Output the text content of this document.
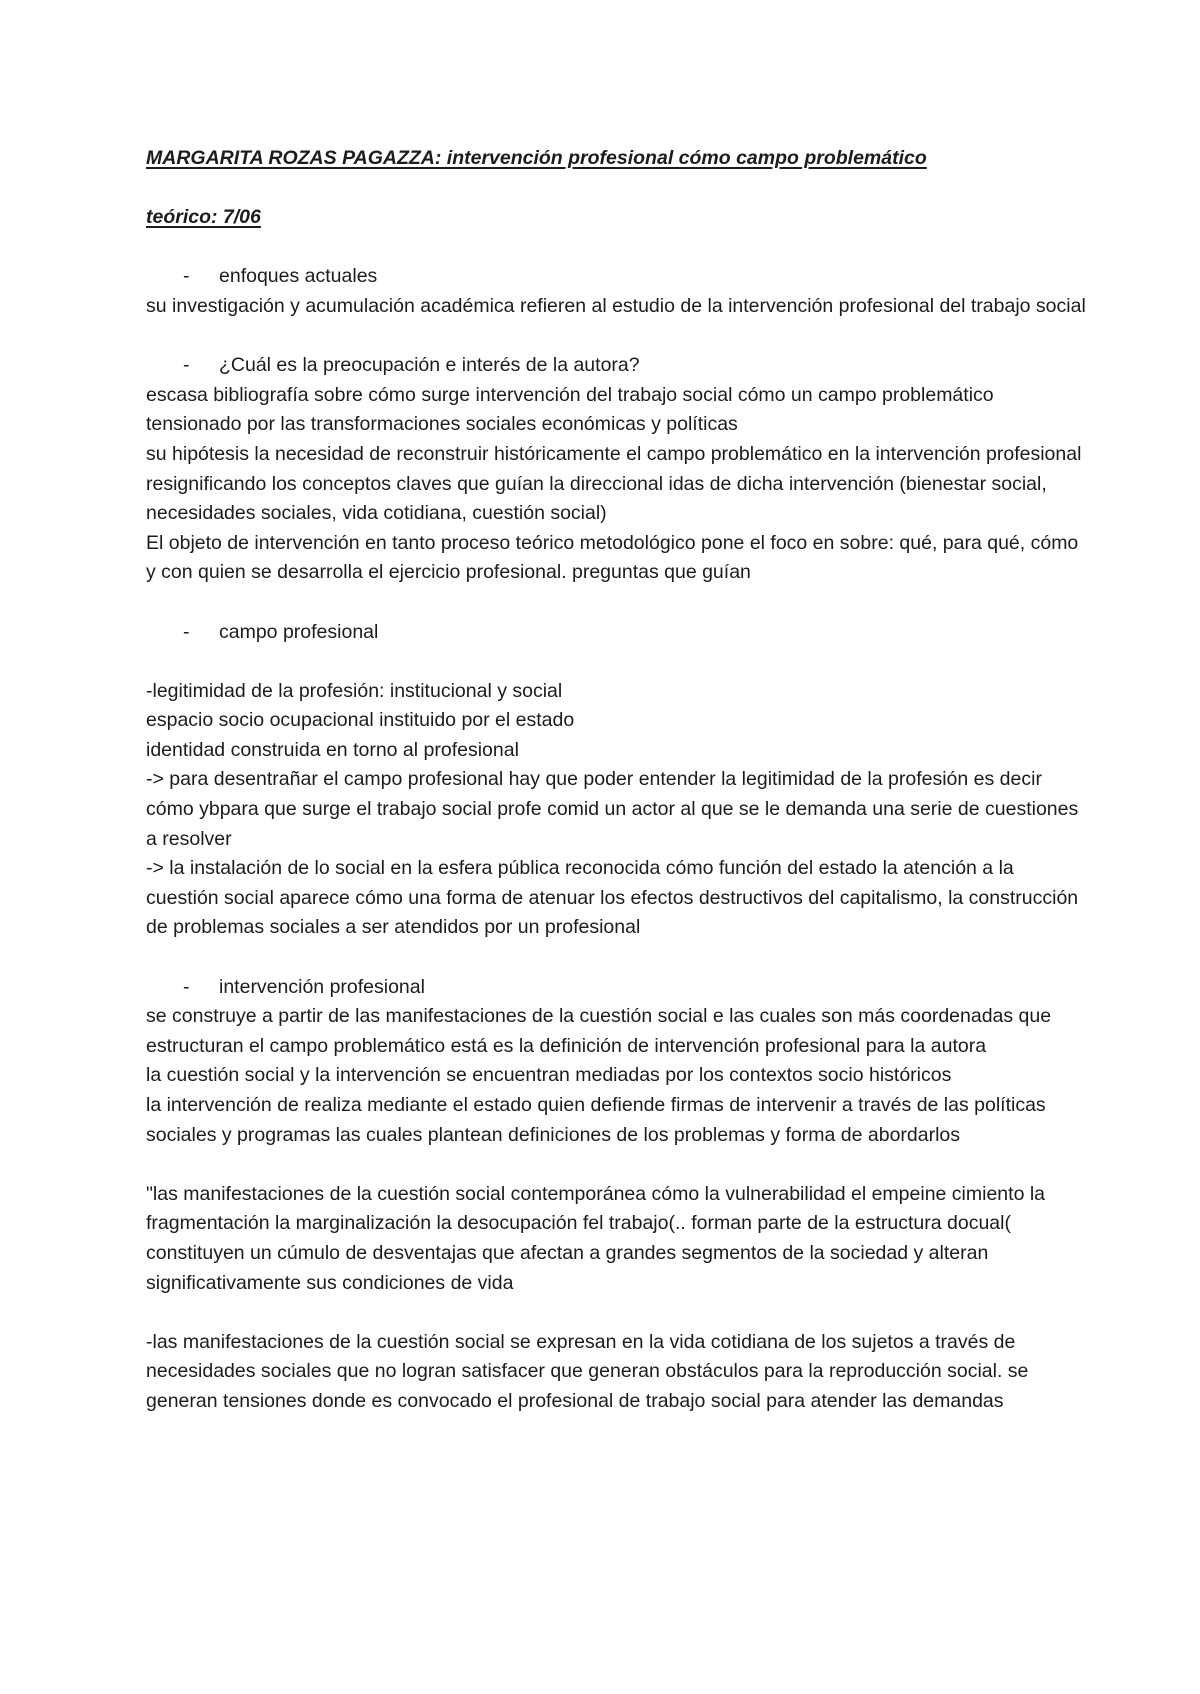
MARGARITA ROZAS PAGAZZA: intervención profesional cómo campo problemático

teórico: 7/06

- enfoques actuales

su investigación y acumulación académica refieren al estudio de la intervención profesional del trabajo social

- ¿Cuál es la preocupación e interés de la autora?

escasa bibliografía sobre cómo surge intervención del trabajo social cómo un campo problemático tensionado por las transformaciones sociales económicas y políticas

su hipótesis la necesidad de reconstruir históricamente el campo problemático en la intervención profesional resignificando los conceptos claves que guían la direccional idas de dicha intervención (bienestar social, necesidades sociales, vida cotidiana, cuestión social)

El objeto de intervención en tanto proceso teórico metodológico pone el foco en sobre: qué, para qué, cómo y con quien se desarrolla el ejercicio profesional. preguntas que guían

- campo profesional

-legitimidad de la profesión: institucional y social

espacio socio ocupacional instituido por el estado

identidad construida en torno al profesional

-> para desentrañar el campo profesional hay que poder entender la legitimidad de la profesión es decir cómo ybpara que surge el trabajo social profe comid un actor al que se le demanda una serie de cuestiones a resolver

-> la instalación de lo social en la esfera pública reconocida cómo función del estado la atención a la cuestión social aparece cómo una forma de atenuar los efectos destructivos del capitalismo, la construcción de problemas sociales a ser atendidos por un profesional

- intervención profesional

se construye a partir de las manifestaciones de la cuestión social e las cuales son más coordenadas que estructuran el campo problemático está es la definición de intervención profesional para la autora

la cuestión social y la intervención se encuentran mediadas por los contextos socio históricos

la intervención de realiza mediante el estado quien defiende firmas de intervenir a través de las políticas sociales y programas las cuales plantean definiciones de los problemas y forma de abordarlos

"las manifestaciones de la cuestión social contemporánea cómo la vulnerabilidad el empeine cimiento la fragmentación la marginalización la desocupación fel trabajo(.. forman parte de la estructura docual( constituyen un cúmulo de desventajas que afectan a grandes segmentos de la sociedad y alteran significativamente sus condiciones de vida

-las manifestaciones de la cuestión social se expresan en la vida cotidiana de los sujetos a través de necesidades sociales que no logran satisfacer que generan obstáculos para la reproducción social. se generan tensiones donde es convocado el profesional de trabajo social para atender las demandas
